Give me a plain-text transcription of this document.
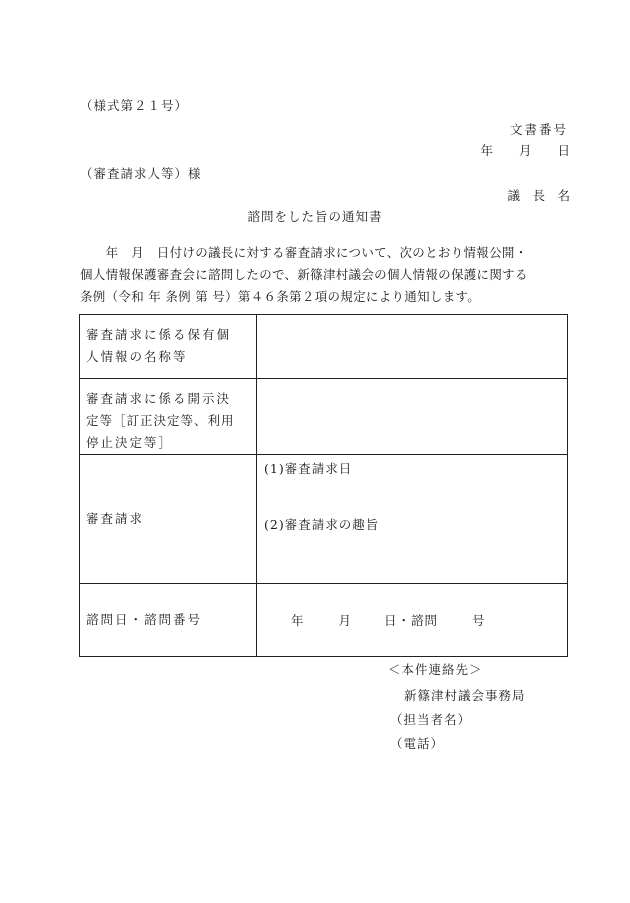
（様式第２１号）
文書番号
年 月 日
（審査請求人等）様
議　長　名
諮問をした旨の通知書
　　年　月　日付けの議長に対する審査請求について、次のとおり情報公開・
個人情報保護審査会に諮問したので、新篠津村議会の個人情報の保護に関する
条例（令和 年 条例 第 号）第４６条第２項の規定により通知します。
審査請求に係る保有個
人情報の名称等	

審査請求に係る開示決
定等［訂正決定等、利用
停止決定等］	

審査請求	(1)審査請求日
(2)審査請求の趣旨

諮問日・諮問番号	年 月 日・諮問 号
＜本件連絡先＞
新篠津村議会事務局
（担当者名）
（電話）
